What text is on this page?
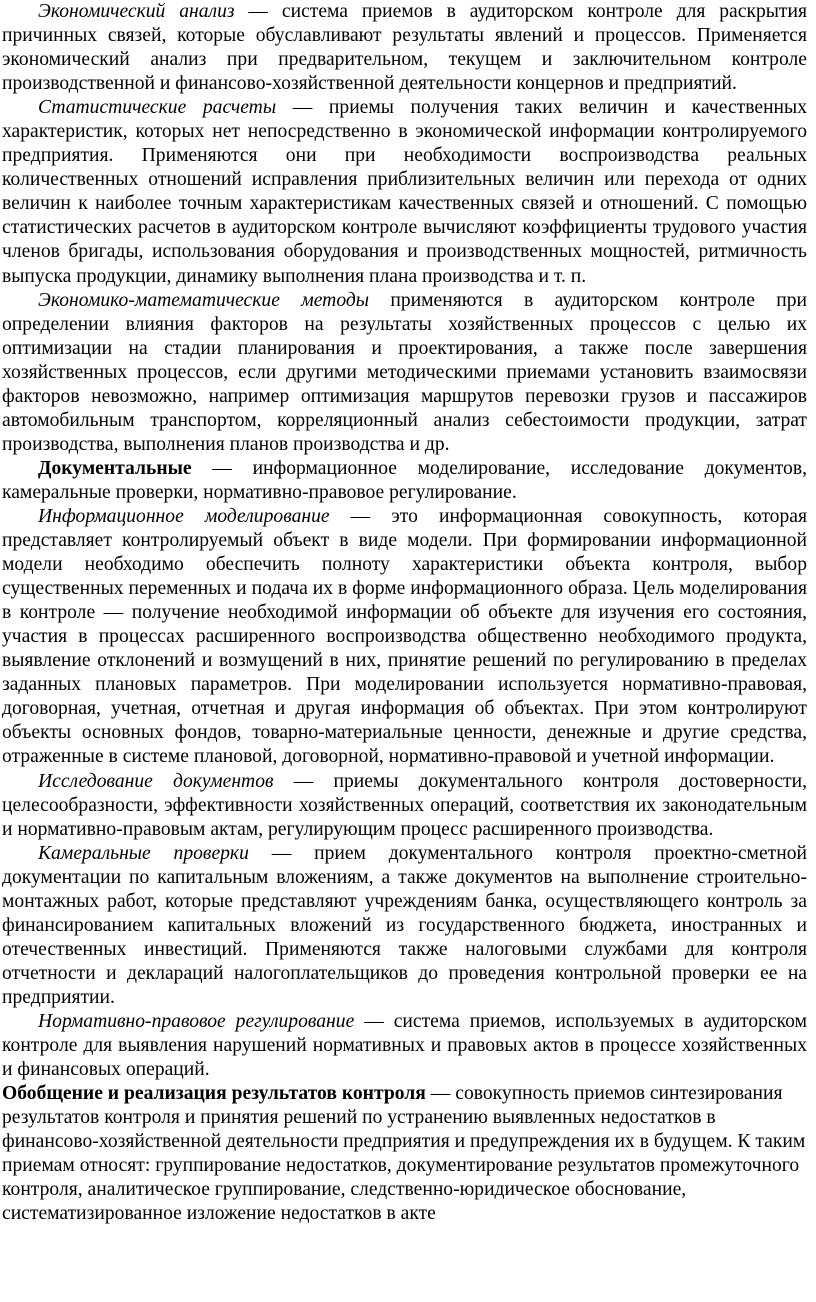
Экономический анализ — система приемов в аудиторском контроле для раскрытия причинных связей, которые обуславливают результаты явлений и процессов. Применяется экономический анализ при предварительном, текущем и заключительном контроле производственной и финансово-хозяйственной деятельности концернов и предприятий.

Статистические расчеты — приемы получения таких величин и качественных характеристик, которых нет непосредственно в экономической информации контролируемого предприятия. Применяются они при необходимости воспроизводства реальных количественных отношений исправления приблизительных величин или перехода от одних величин к наиболее точным характеристикам качественных связей и отношений. С помощью статистических расчетов в аудиторском контроле вычисляют коэффициенты трудового участия членов бригады, использования оборудования и производственных мощностей, ритмичность выпуска продукции, динамику выполнения плана производства и т. п.

Экономико-математические методы применяются в аудиторском контроле при определении влияния факторов на результаты хозяйственных процессов с целью их оптимизации на стадии планирования и проектирования, а также после завершения хозяйственных процессов, если другими методическими приемами установить взаимосвязи факторов невозможно, например оптимизация маршрутов перевозки грузов и пассажиров автомобильным транспортом, корреляционный анализ себестоимости продукции, затрат производства, выполнения планов производства и др.

Документальные — информационное моделирование, исследование документов, камеральные проверки, нормативно-правовое регулирование.

Информационное моделирование — это информационная совокупность, которая представляет контролируемый объект в виде модели. При формировании информационной модели необходимо обеспечить полноту характеристики объекта контроля, выбор существенных переменных и подача их в форме информационного образа. Цель моделирования в контроле — получение необходимой информации об объекте для изучения его состояния, участия в процессах расширенного воспроизводства общественно необходимого продукта, выявление отклонений и возмущений в них, принятие решений по регулированию в пределах заданных плановых параметров. При моделировании используется нормативно-правовая, договорная, учетная, отчетная и другая информация об объектах. При этом контролируют объекты основных фондов, товарно-материальные ценности, денежные и другие средства, отраженные в системе плановой, договорной, нормативно-правовой и учетной информации.

Исследование документов — приемы документального контроля достоверности, целесообразности, эффективности хозяйственных операций, соответствия их законодательным и нормативно-правовым актам, регулирующим процесс расширенного производства.

Камеральные проверки — прием документального контроля проектно-сметной документации по капитальным вложениям, а также документов на выполнение строительно-монтажных работ, которые представляют учреждениям банка, осуществляющего контроль за финансированием капитальных вложений из государственного бюджета, иностранных и отечественных инвестиций. Применяются также налоговыми службами для контроля отчетности и деклараций налогоплательщиков до проведения контрольной проверки ее на предприятии.

Нормативно-правовое регулирование — система приемов, используемых в аудиторском контроле для выявления нарушений нормативных и правовых актов в процессе хозяйственных и финансовых операций.

Обобщение и реализация результатов контроля — совокупность приемов синтезирования результатов контроля и принятия решений по устранению выявленных недостатков в финансово-хозяйственной деятельности предприятия и предупреждения их в будущем. К таким приемам относят: группирование недостатков, документирование результатов промежуточного контроля, аналитическое группирование, следственно-юридическое обоснование, систематизированное изложение недостатков в акте
